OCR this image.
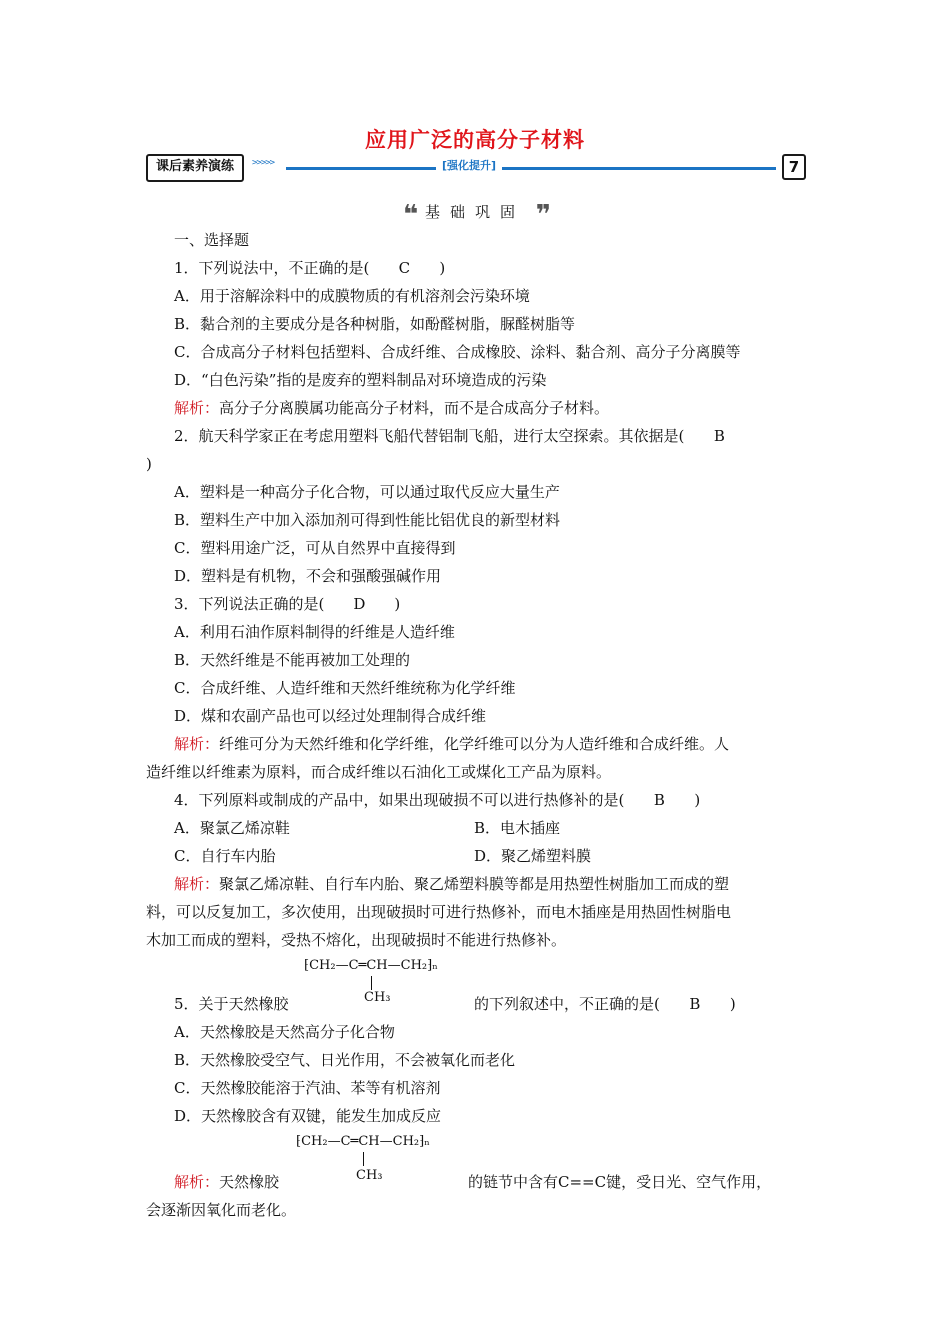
应用广泛的高分子材料
课后素养演练	>>>>>	[强化提升]	7
❝ 基础巩固 ❞
一、选择题
1．下列说法中，不正确的是( C )
A．用于溶解涂料中的成膜物质的有机溶剂会污染环境
B．黏合剂的主要成分是各种树脂，如酚醛树脂，脲醛树脂等
C．合成高分子材料包括塑料、合成纤维、合成橡胶、涂料、黏合剂、高分子分离膜等
D．“白色污染”指的是废弃的塑料制品对环境造成的污染
解析：高分子分离膜属功能高分子材料，而不是合成高分子材料。
2．航天科学家正在考虑用塑料飞船代替铝制飞船，进行太空探索。其依据是( B
)
A．塑料是一种高分子化合物，可以通过取代反应大量生产
B．塑料生产中加入添加剂可得到性能比铝优良的新型材料
C．塑料用途广泛，可从自然界中直接得到
D．塑料是有机物，不会和强酸强碱作用
3．下列说法正确的是( D )
A．利用石油作原料制得的纤维是人造纤维
B．天然纤维是不能再被加工处理的
C．合成纤维、人造纤维和天然纤维统称为化学纤维
D．煤和农副产品也可以经过处理制得合成纤维
解析：纤维可分为天然纤维和化学纤维，化学纤维可以分为人造纤维和合成纤维。人
造纤维以纤维素为原料，而合成纤维以石油化工或煤化工产品为原料。
4．下列原料或制成的产品中，如果出现破损不可以进行热修补的是( B )
A．聚氯乙烯凉鞋	B．电木插座
C．自行车内胎	D．聚乙烯塑料膜
解析：聚氯乙烯凉鞋、自行车内胎、聚乙烯塑料膜等都是用热塑性树脂加工而成的塑
料，可以反复加工，多次使用，出现破损时可进行热修补，而电木插座是用热固性树脂电
木加工而成的塑料，受热不熔化，出现破损时不能进行热修补。
⁅CH₂—C═CH—CH₂⁆ₙ
CH₃
5．关于天然橡胶	的下列叙述中，不正确的是( B )
A．天然橡胶是天然高分子化合物
B．天然橡胶受空气、日光作用，不会被氧化而老化
C．天然橡胶能溶于汽油、苯等有机溶剂
D．天然橡胶含有双键，能发生加成反应
⁅CH₂—C═CH—CH₂⁆ₙ
CH₃
解析：天然橡胶	的链节中含有C==C键，受日光、空气作用，
会逐渐因氧化而老化。
